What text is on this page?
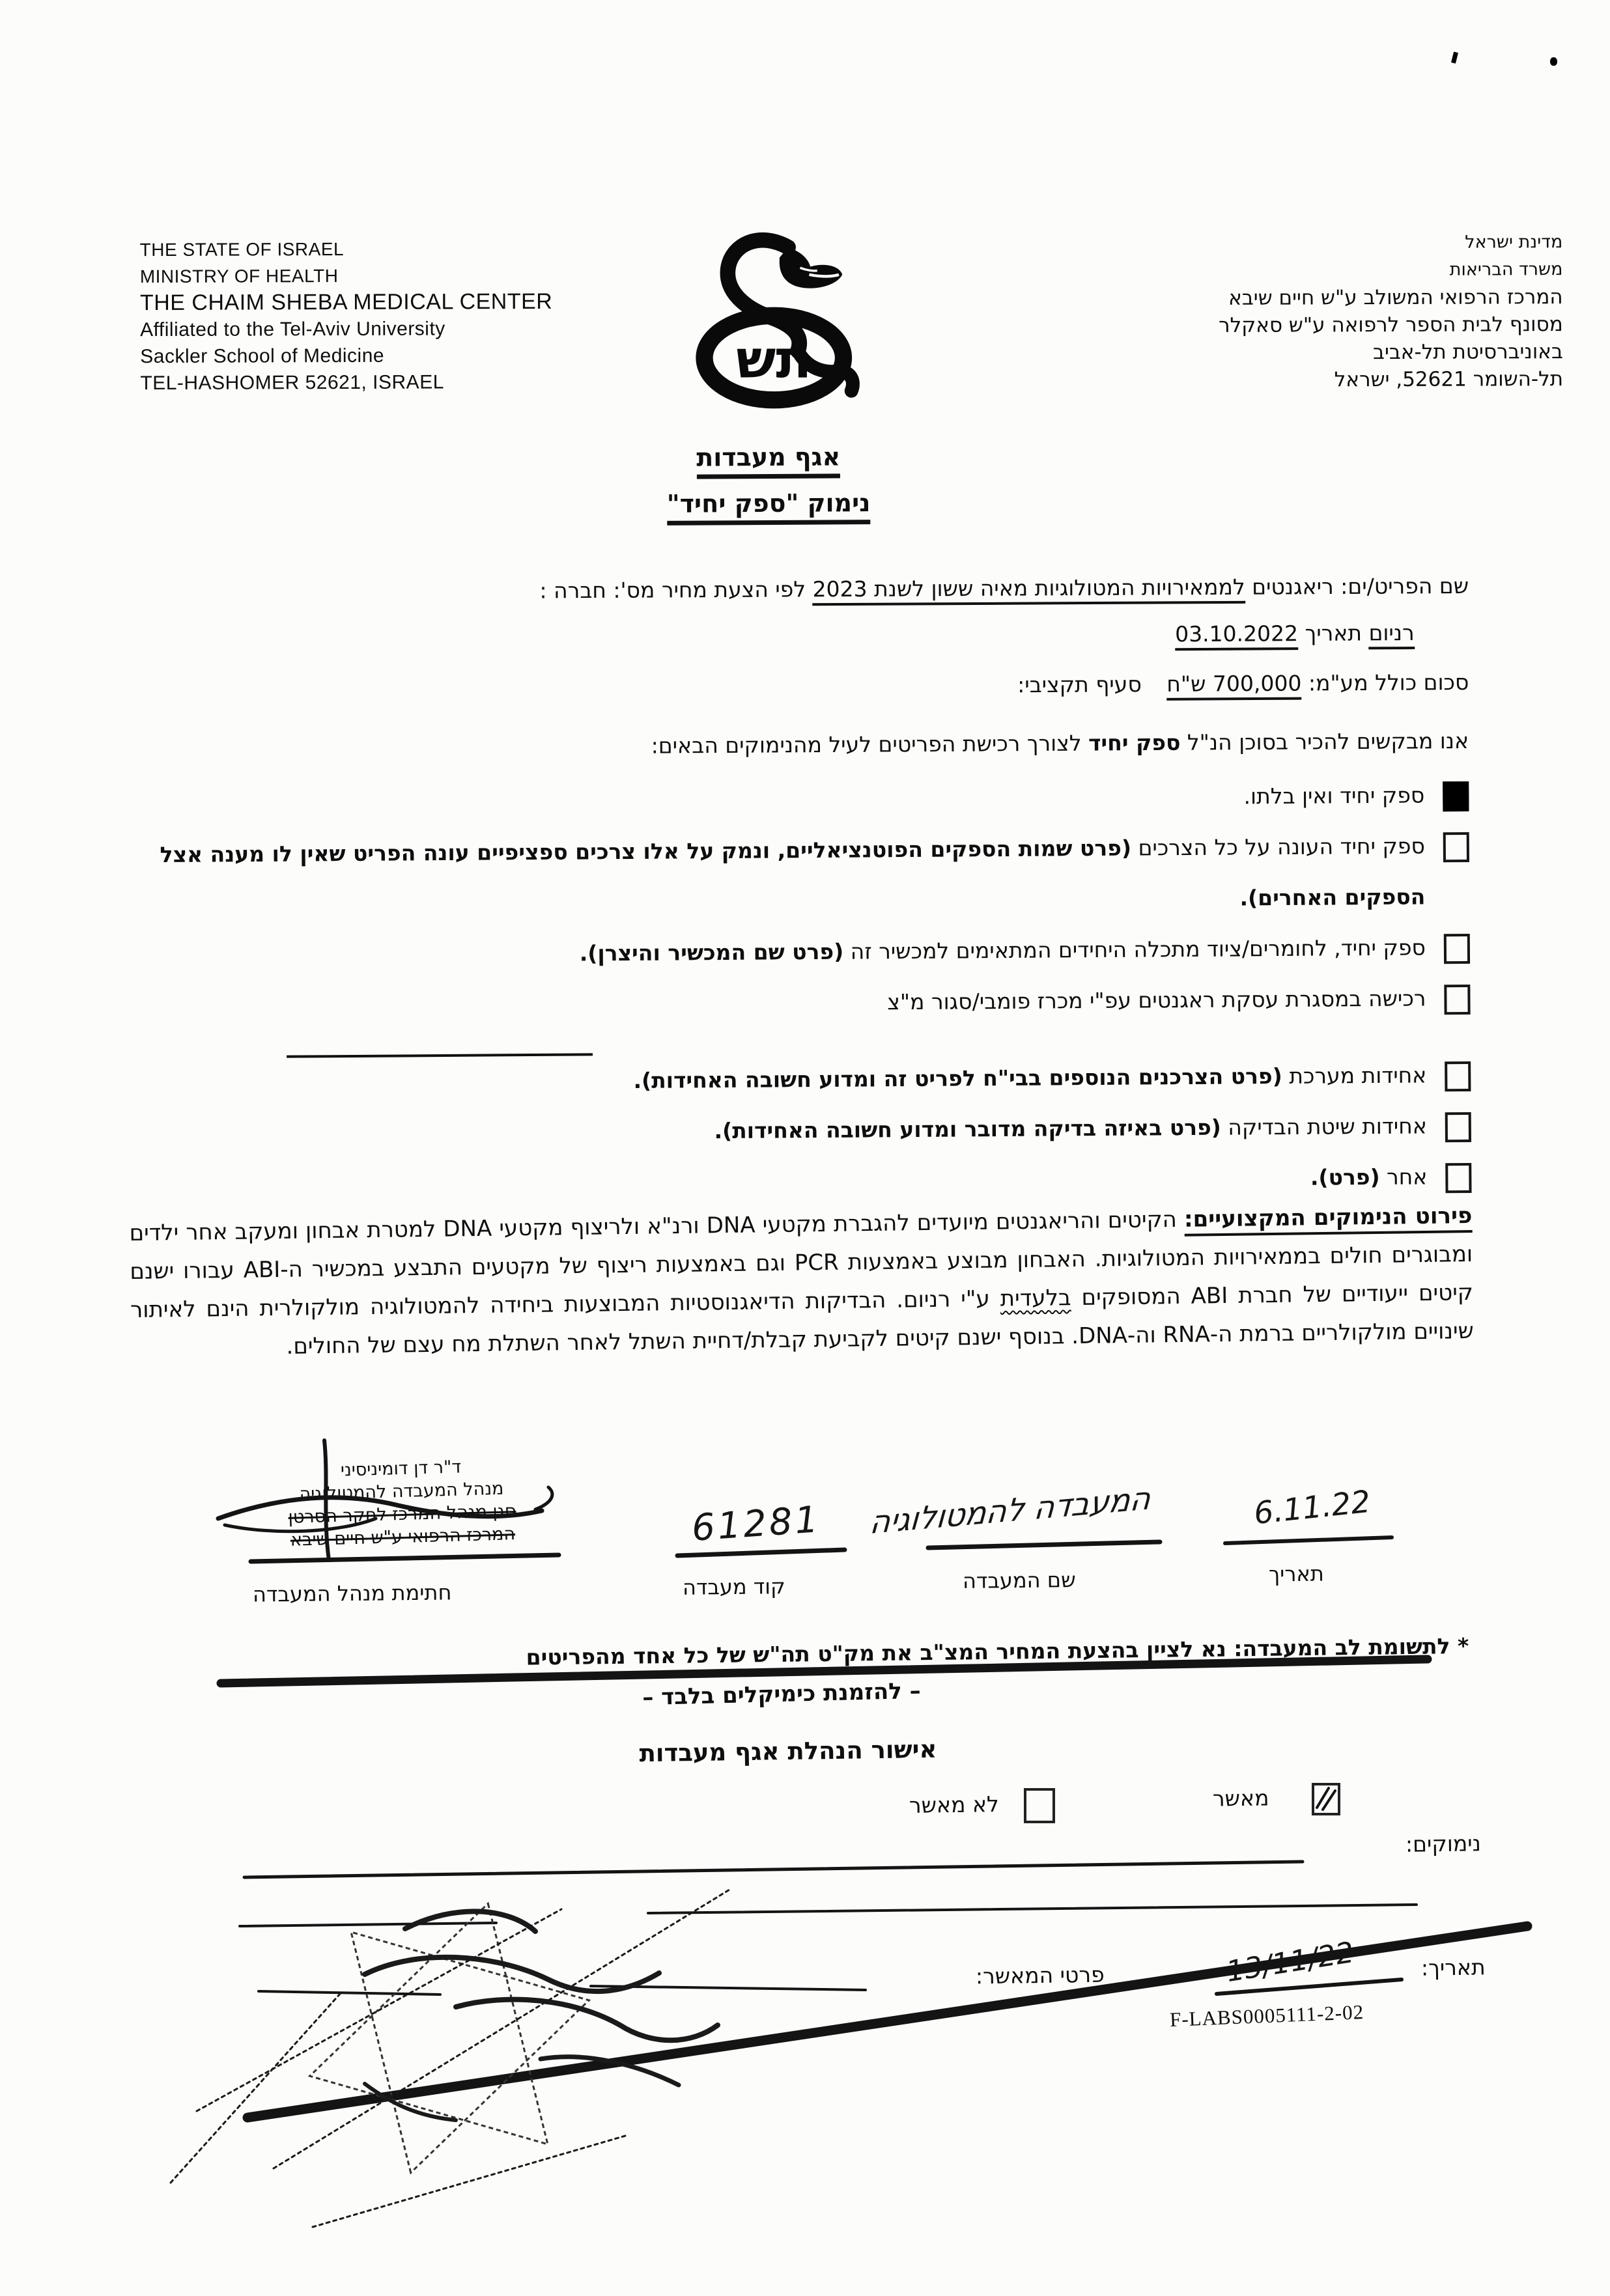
THE STATE OF ISRAEL
MINISTRY OF HEALTH
THE CHAIM SHEBA MEDICAL CENTER
Affiliated to the Tel-Aviv University
Sackler School of Medicine
TEL-HASHOMER 52621, ISRAEL
מדינת ישראל
משרד הבריאות
המרכז הרפואי המשולב ע"ש חיים שיבא
מסונף לבית הספר לרפואה ע"ש סאקלר
באוניברסיטת תל-אביב
תל-השומר 52621, ישראל
תש
אגף מעבדות
נימוק "ספק יחיד"
שם הפריט/ים: ריאגנטים לממאירויות המטולוגיות מאיה ששון לשנת 2023 לפי הצעת מחיר מס': חברה :
רניום תאריך 03.10.2022
סכום כולל מע"מ: 700,000 ש"ח סעיף תקציבי:
אנו מבקשים להכיר בסוכן הנ"ל ספק יחיד לצורך רכישת הפריטים לעיל מהנימוקים הבאים:
ספק יחיד ואין בלתו.
ספק יחיד העונה על כל הצרכים (פרט שמות הספקים הפוטנציאליים, ונמק על אלו צרכים ספציפיים עונה הפריט שאין לו מענה אצל הספקים האחרים).
ספק יחיד, לחומרים/ציוד מתכלה היחידים המתאימים למכשיר זה (פרט שם המכשיר והיצרן).
רכישה במסגרת עסקת ראגנטים עפ"י מכרז פומבי/סגור מ"צ
אחידות מערכת (פרט הצרכנים הנוספים בבי"ח לפריט זה ומדוע חשובה האחידות).
אחידות שיטת הבדיקה (פרט באיזה בדיקה מדובר ומדוע חשובה האחידות).
אחר (פרט).
פירוט הנימוקים המקצועיים: הקיטים והריאגנטים מיועדים להגברת מקטעי DNA ורנ"א ולריצוף מקטעי DNA למטרת אבחון ומעקב אחר ילדים ומבוגרים חולים בממאירויות המטולוגיות. האבחון מבוצע באמצעות PCR וגם באמצעות ריצוף של מקטעים התבצע במכשיר ה-ABI עבורו ישנם קיטים ייעודיים של חברת ABI המסופקים בלעדית ע"י רניום. הבדיקות הדיאגנוסטיות המבוצעות ביחידה להמטולוגיה מולקולרית הינם לאיתור שינויים מולקולריים ברמת ה-RNA וה-DNA. בנוסף ישנם קיטים לקביעת קבלת/דחיית השתל לאחר השתלת מח עצם של החולים.
6.11.22
המעבדה להמטולוגיה
61281
ד"ר דן דומיניסיני
מנהל המעבדה להמטולוגיה
סגן מנהל המרכז לחקר הסרטן
המרכז הרפואי ע"ש חיים שיבא
תאריך
שם המעבדה
קוד מעבדה
חתימת מנהל המעבדה
* לתשומת לב המעבדה: נא לציין בהצעת המחיר המצ"ב את מק"ט תה"ש של כל אחד מהפריטים
– להזמנת כימיקלים בלבד –
אישור הנהלת אגף מעבדות
מאשר
לא מאשר
נימוקים:
תאריך:
13/11/22
פרטי המאשר:
F-LABS0005111-2-02
